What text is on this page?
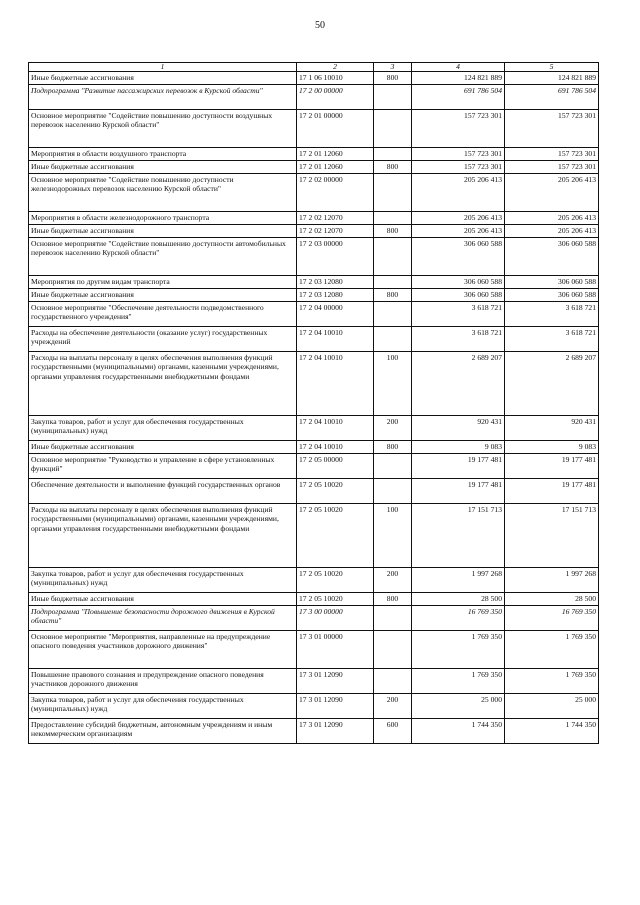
50
1	2	3	4	5
Иные бюджетные ассигнования	17 1 06 10010	800	124 821 889	124 821 889
Подпрограмма "Развитие пассажирских перевозок в Курской области"	17 2 00 00000		691 786 504	691 786 504
Основное мероприятие "Содействие повышению доступности воздушных перевозок населению Курской области"	17 2 01 00000		157 723 301	157 723 301
Мероприятия в области воздушного транспорта	17 2 01 12060		157 723 301	157 723 301
Иные бюджетные ассигнования	17 2 01 12060	800	157 723 301	157 723 301
Основное мероприятие "Содействие повышению доступности железнодорожных перевозок населению Курской области"	17 2 02 00000		205 206 413	205 206 413
Мероприятия в области железнодорожного транспорта	17 2 02 12070		205 206 413	205 206 413
Иные бюджетные ассигнования	17 2 02 12070	800	205 206 413	205 206 413
Основное мероприятие "Содействие повышению доступности автомобильных перевозок населению Курской области"	17 2 03 00000		306 060 588	306 060 588
Мероприятия по другим видам транспорта	17 2 03 12080		306 060 588	306 060 588
Иные бюджетные ассигнования	17 2 03 12080	800	306 060 588	306 060 588
Основное мероприятие "Обеспечение деятельности подведомственного государственного учреждения"	17 2 04 00000		3 618 721	3 618 721
Расходы на обеспечение деятельности (оказание услуг) государственных учреждений	17 2 04 10010		3 618 721	3 618 721
Расходы на выплаты персоналу в целях обеспечения выполнения функций государственными (муниципальными) органами, казенными учреждениями, органами управления государственными внебюджетными фондами	17 2 04 10010	100	2 689 207	2 689 207
Закупка товаров, работ и услуг для обеспечения государственных (муниципальных) нужд	17 2 04 10010	200	920 431	920 431
Иные бюджетные ассигнования	17 2 04 10010	800	9 083	9 083
Основное мероприятие "Руководство и управление в сфере установленных функций"	17 2 05 00000		19 177 481	19 177 481
Обеспечение деятельности и выполнение функций государственных органов	17 2 05 10020		19 177 481	19 177 481
Расходы на выплаты персоналу в целях обеспечения выполнения функций государственными (муниципальными) органами, казенными учреждениями, органами управления государственными внебюджетными фондами	17 2 05 10020	100	17 151 713	17 151 713
Закупка товаров, работ и услуг для обеспечения государственных (муниципальных) нужд	17 2 05 10020	200	1 997 268	1 997 268
Иные бюджетные ассигнования	17 2 05 10020	800	28 500	28 500
Подпрограмма "Повышение безопасности дорожного движения в Курской области"	17 3 00 00000		16 769 350	16 769 350
Основное мероприятие "Мероприятия, направленные на предупреждение опасного поведения участников дорожного движения"	17 3 01 00000		1 769 350	1 769 350
Повышение правового сознания и предупреждение опасного поведения участников дорожного движения	17 3 01 12090		1 769 350	1 769 350
Закупка товаров, работ и услуг для обеспечения государственных (муниципальных) нужд	17 3 01 12090	200	25 000	25 000
Предоставление субсидий бюджетным, автономным учреждениям и иным некоммерческим организациям	17 3 01 12090	600	1 744 350	1 744 350
